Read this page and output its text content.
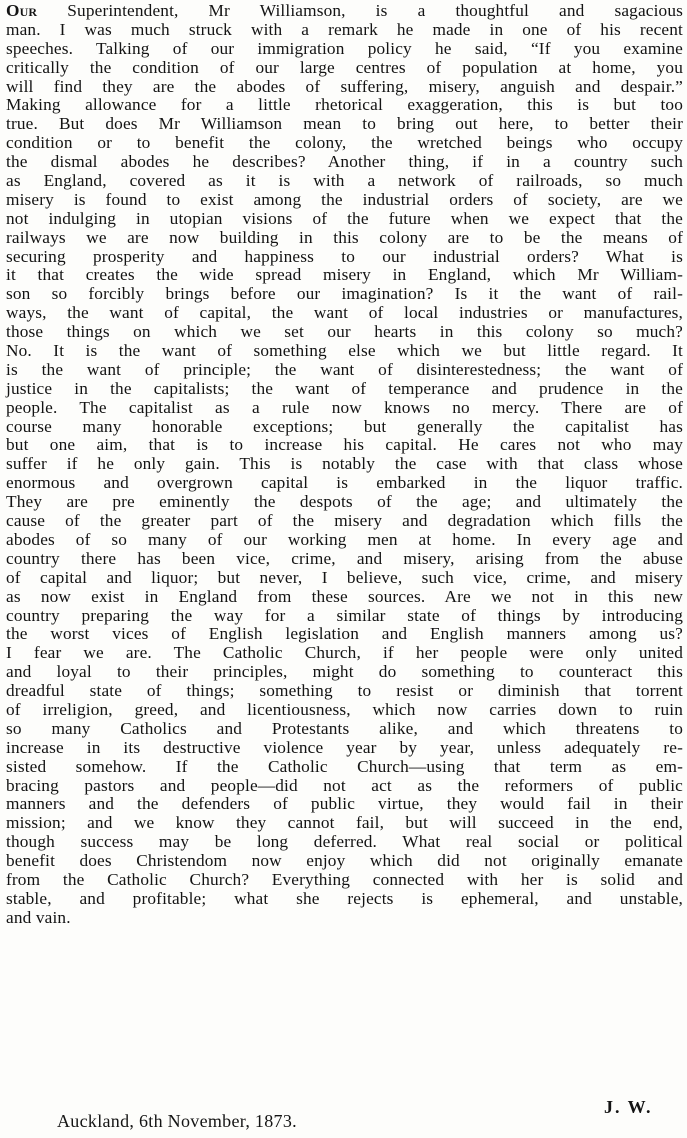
Our Superintendent, Mr Williamson, is a thoughtful and sagacious
man. I was much struck with a remark he made in one of his recent
speeches. Talking of our immigration policy he said, “If you examine
critically the condition of our large centres of population at home, you
will find they are the abodes of suffering, misery, anguish and despair.”
Making allowance for a little rhetorical exaggeration, this is but too
true. But does Mr Williamson mean to bring out here, to better their
condition or to benefit the colony, the wretched beings who occupy
the dismal abodes he describes? Another thing, if in a country such
as England, covered as it is with a network of railroads, so much
misery is found to exist among the industrial orders of society, are we
not indulging in utopian visions of the future when we expect that the
railways we are now building in this colony are to be the means of
securing prosperity and happiness to our industrial orders? What is
it that creates the wide spread misery in England, which Mr William-
son so forcibly brings before our imagination? Is it the want of rail-
ways, the want of capital, the want of local industries or manufactures,
those things on which we set our hearts in this colony so much?
No. It is the want of something else which we but little regard. It
is the want of principle; the want of disinterestedness; the want of
justice in the capitalists; the want of temperance and prudence in the
people. The capitalist as a rule now knows no mercy. There are of
course many honorable exceptions; but generally the capitalist has
but one aim, that is to increase his capital. He cares not who may
suffer if he only gain. This is notably the case with that class whose
enormous and overgrown capital is embarked in the liquor traffic.
They are pre eminently the despots of the age; and ultimately the
cause of the greater part of the misery and degradation which fills the
abodes of so many of our working men at home. In every age and
country there has been vice, crime, and misery, arising from the abuse
of capital and liquor; but never, I believe, such vice, crime, and misery
as now exist in England from these sources. Are we not in this new
country preparing the way for a similar state of things by introducing
the worst vices of English legislation and English manners among us?
I fear we are. The Catholic Church, if her people were only united
and loyal to their principles, might do something to counteract this
dreadful state of things; something to resist or diminish that torrent
of irreligion, greed, and licentiousness, which now carries down to ruin
so many Catholics and Protestants alike, and which threatens to
increase in its destructive violence year by year, unless adequately re-
sisted somehow. If the Catholic Church—using that term as em-
bracing pastors and people—did not act as the reformers of public
manners and the defenders of public virtue, they would fail in their
mission; and we know they cannot fail, but will succeed in the end,
though success may be long deferred. What real social or political
benefit does Christendom now enjoy which did not originally emanate
from the Catholic Church? Everything connected with her is solid and
stable, and profitable; what she rejects is ephemeral, and unstable,
and vain.
Auckland, 6th November, 1873.
J. W.
